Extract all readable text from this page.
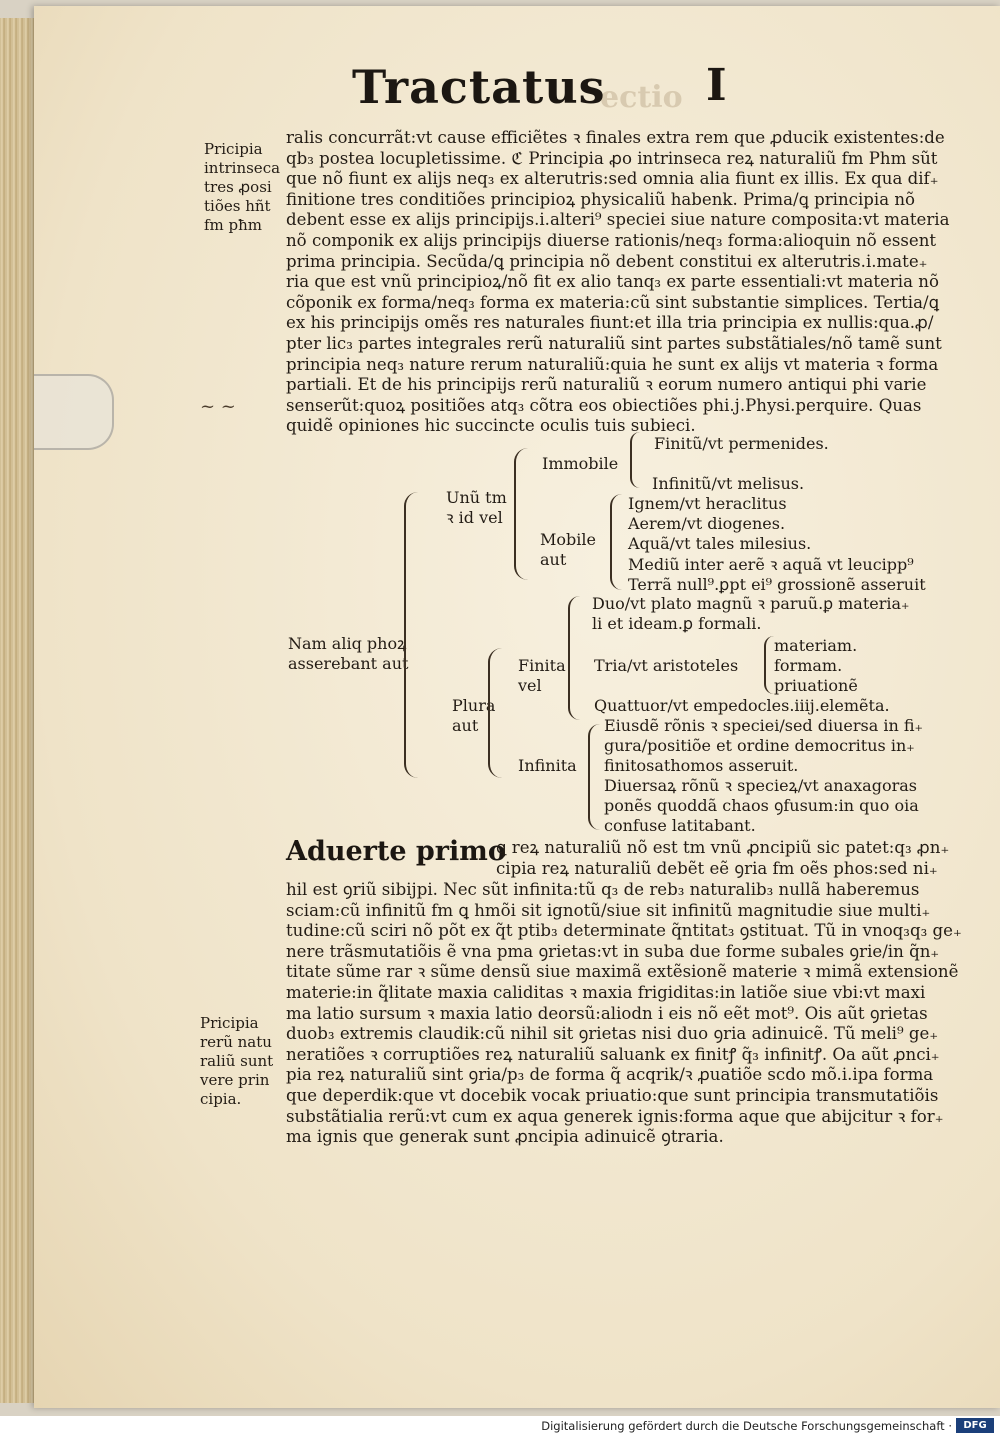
ectio
Tractatus I
Pricipia
intrinseca
tres ꝓosi
tiões hñt
fm pħm
~ ~
ralis concurrãt:vt cause efficiẽtes ꝛ finales extra rem que ꝓducik existentes:de
qb₃ postea locupletissime. ℭ Principia ꝓo intrinseca reꝝ naturaliũ fm Phm sũt
que nõ fiunt ex alijs neq₃ ex alterutris:sed omnia alia fiunt ex illis. Ex qua dif₊
finitione tres conditiões principioꝝ physicaliũ habenk. Prima/ꝗ principia nõ
debent esse ex alijs principijs.i.alteri⁹ speciei siue nature composita:vt materia
nõ componik ex alijs principijs diuerse rationis/neq₃ forma:alioquin nõ essent
prima principia. Secũda/ꝗ principia nõ debent constitui ex alterutris.i.mate₊
ria que est vnũ principioꝝ/nõ fit ex alio tanq₃ ex parte essentiali:vt materia nõ
cõponik ex forma/neq₃ forma ex materia:cũ sint substantie simplices. Tertia/ꝗ
ex his principijs omẽs res naturales fiunt:et illa tria principia ex nullis:qua.ꝓ/
pter lic₃ partes integrales rerũ naturaliũ sint partes substãtiales/nõ tamẽ sunt
principia neq₃ nature rerum naturaliũ:quia he sunt ex alijs vt materia ꝛ forma
partiali. Et de his principijs rerũ naturaliũ ꝛ eorum numero antiqui phi varie
senserũt:quoꝝ positiões atq₃ cõtra eos obiectiões phi.j.Physi.perquire. Quas
quidẽ opiniones hic succincte oculis tuis subieci.
Nam aliq phoꝝ
asserebant aut
Unũ tm
ꝛ id vel
Immobile
Finitũ/vt permenides.
Infinitũ/vt melisus.
Mobile
aut
Ignem/vt heraclitus
Aerem/vt diogenes.
Aquã/vt tales milesius.
Mediũ inter aerẽ ꝛ aquã vt leucipp⁹
Terrã null⁹.ꝑpt ei⁹ grossionẽ asseruit
Plura
aut
Finita
vel
Duo/vt plato magnũ ꝛ paruũ.ꝑ materia₊
li et ideam.ꝑ formali.
Tria/vt aristoteles
materiam.
formam.
priuationẽ
Quattuor/vt empedocles.iiij.elemẽta.
Infinita
Eiusdẽ rõnis ꝛ speciei/sed diuersa in fi₊
gura/positiõe et ordine democritus in₊
finitosathomos asseruit.
Diuersaꝝ rõnũ ꝛ specieꝝ/vt anaxagoras
ponẽs quoddã chaos ꝯfusum:in quo oia
confuse latitabant.
Aduerte primo
ꝗ reꝝ naturaliũ nõ est tm vnũ ꝓncipiũ sic patet:q₃ ꝓn₊
cipia reꝝ naturaliũ debẽt eẽ ꝯria fm oẽs phos:sed ni₊
hil est ꝯriũ sibijpi. Nec sũt infinita:tũ q₃ de reb₃ naturalib₃ nullã haberemus
sciam:cũ infinitũ fm ꝗ hmõi sit ignotũ/siue sit infinitũ magnitudie siue multi₊
tudine:cũ sciri nõ põt ex q̃t ptib₃ determinate q̃ntitat₃ ꝯstituat. Tũ in vnoq₃q₃ ge₊
nere trãsmutatiõis ẽ vna pma ꝯrietas:vt in suba due forme subales ꝯrie/in q̃n₊
titate sũme rar ꝛ sũme densũ siue maximã extẽsionẽ materie ꝛ mimã extensionẽ
materie:in q̃litate maxia caliditas ꝛ maxia frigiditas:in latiõe siue vbi:vt maxi
ma latio sursum ꝛ maxia latio deorsũ:aliodn i eis nõ eẽt mot⁹. Ois aũt ꝯrietas
duob₃ extremis claudik:cũ nihil sit ꝯrietas nisi duo ꝯria adinuicẽ. Tũ meli⁹ ge₊
neratiões ꝛ corruptiões reꝝ naturaliũ saluank ex finitꝭ q̃₃ infinitꝭ. Oa aũt ꝓnci₊
pia reꝝ naturaliũ sint ꝯria/p₃ de forma q̃ acqrik/ꝛ ꝓuatiõe scdo mõ.i.ipa forma
que deperdik:que vt docebik vocak priuatio:que sunt principia transmutatiõis
substãtialia rerũ:vt cum ex aqua generek ignis:forma aque que abijcitur ꝛ for₊
ma ignis que generak sunt ꝓncipia adinuicẽ ꝯtraria.
Pricipia
rerũ natu
raliũ sunt
vere prin
cipia.
Digitalisierung gefördert durch die Deutsche Forschungsgemeinschaft ·	DFG
